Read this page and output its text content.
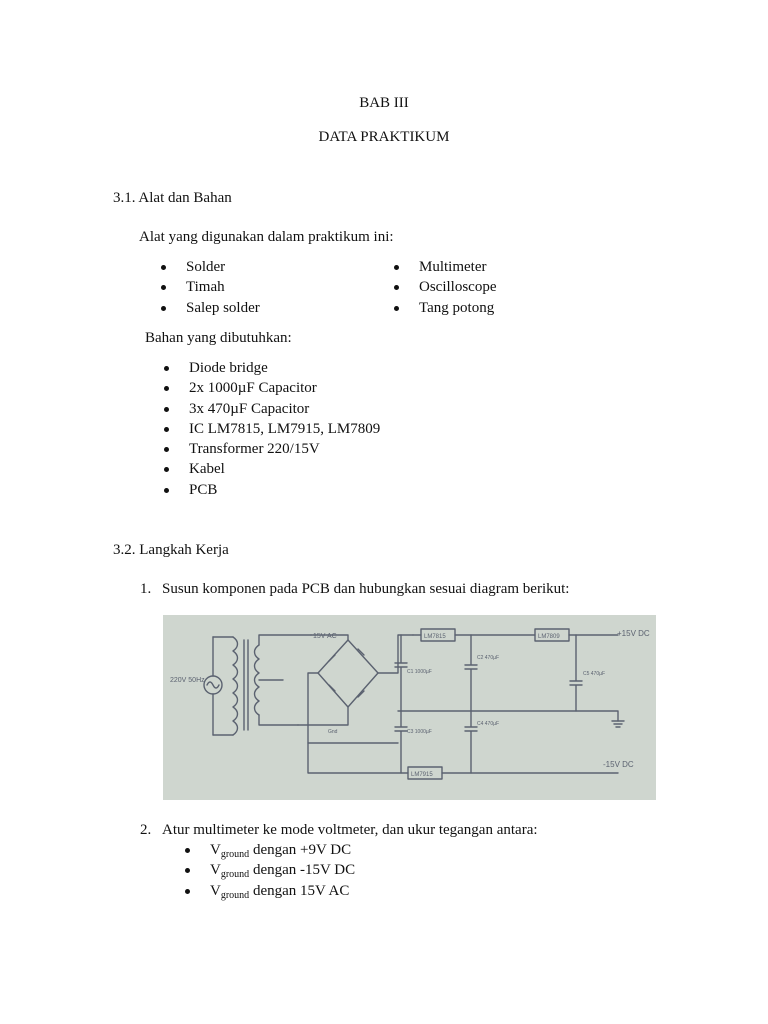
BAB III
DATA PRAKTIKUM
3.1. Alat dan Bahan
Alat yang digunakan dalam praktikum ini:
Solder
Timah
Salep solder
Multimeter
Oscilloscope
Tang potong
Bahan yang dibutuhkan:
Diode bridge
2x 1000µF Capacitor
3x 470µF Capacitor
IC LM7815, LM7915, LM7809
Transformer 220/15V
Kabel
PCB
3.2. Langkah Kerja
1. Susun komponen pada PCB dan hubungkan sesuai diagram berikut:
220V 50Hz
15V AC	LM7815	LM7809	+15V DC
C1 1000µF
C2 470µF
C5 470µF
Gnd	C3 1000µF
C4 470µF
LM7915
-15V DC
2. Atur multimeter ke mode voltmeter, dan ukur tegangan antara:
$V_{ground}$ dengan +9V DC
$V_{ground}$ dengan -15V DC
$V_{ground}$ dengan 15V AC
